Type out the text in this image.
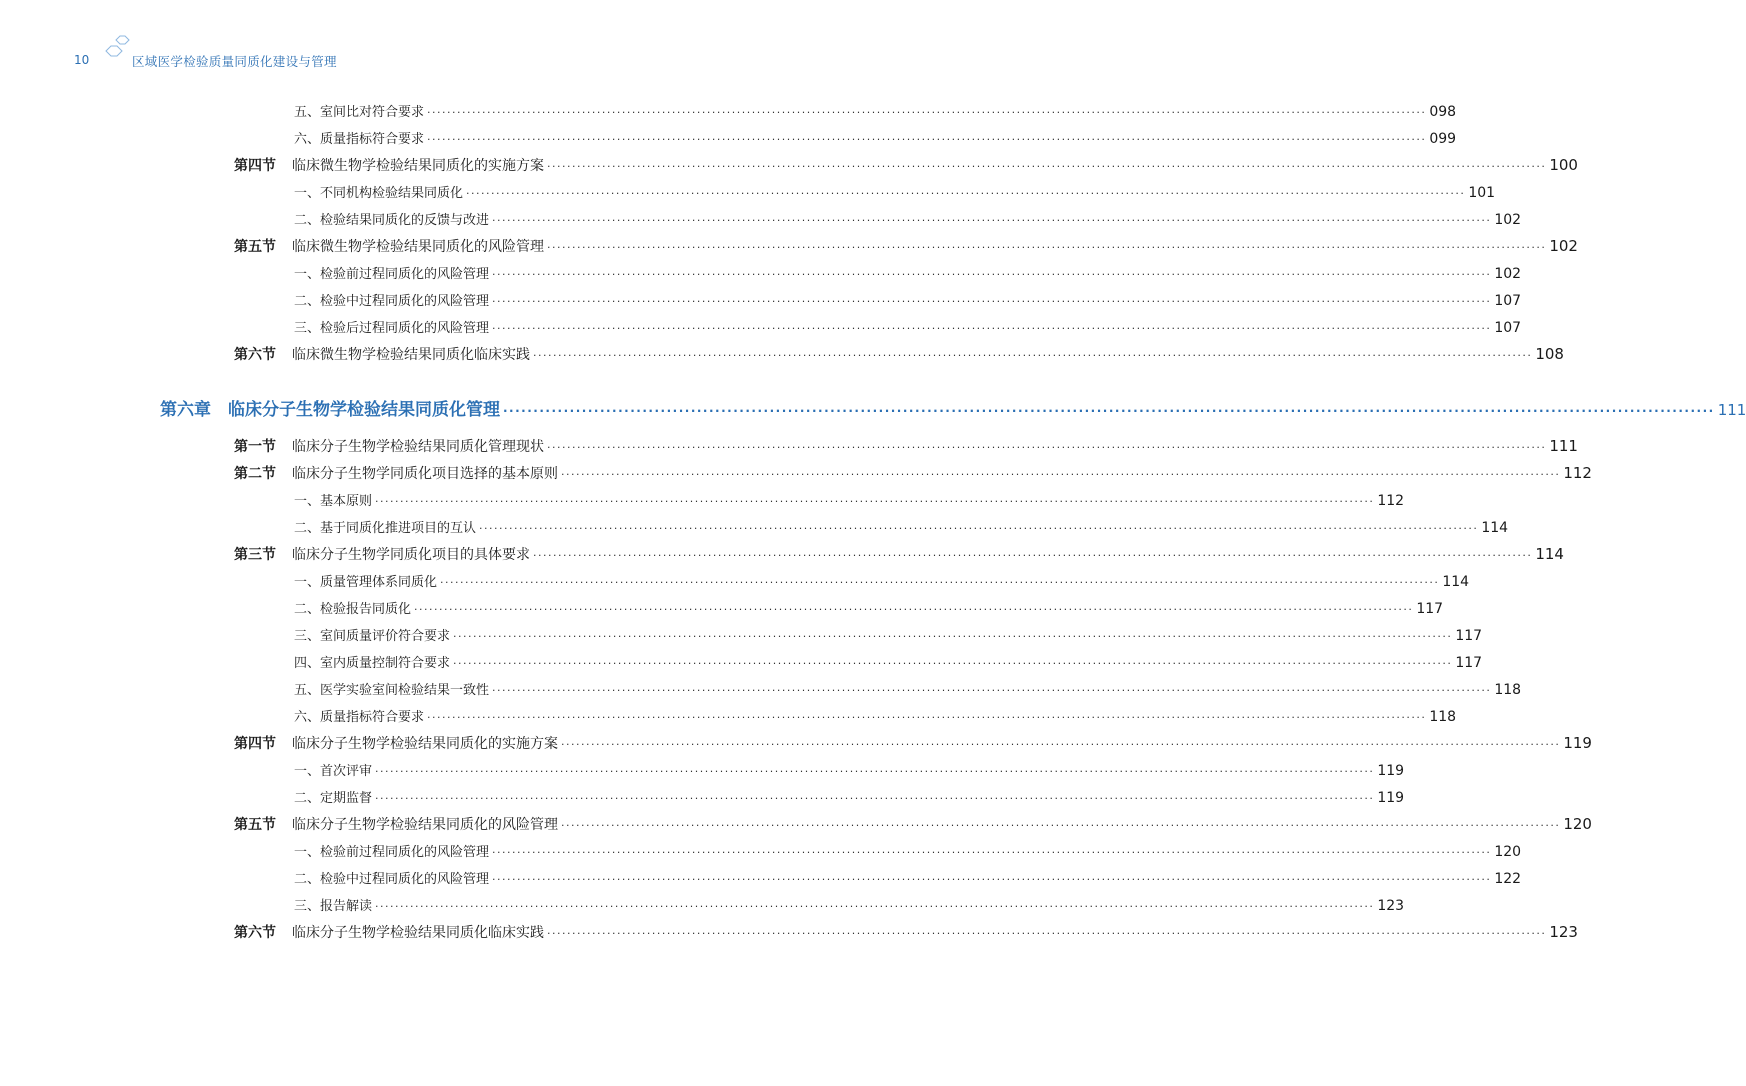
10	区域医学检验质量同质化建设与管理
五、室间比对符合要求 ········································································································································································································ 098
六、质量指标符合要求 ········································································································································································································ 099
第四节	临床微生物学检验结果同质化的实施方案 ········································································································································································································ 100
一、不同机构检验结果同质化 ········································································································································································································ 101
二、检验结果同质化的反馈与改进 ········································································································································································································ 102
第五节	临床微生物学检验结果同质化的风险管理 ········································································································································································································ 102
一、检验前过程同质化的风险管理 ········································································································································································································ 102
二、检验中过程同质化的风险管理 ········································································································································································································ 107
三、检验后过程同质化的风险管理 ········································································································································································································ 107
第六节	临床微生物学检验结果同质化临床实践 ········································································································································································································ 108
第六章	临床分子生物学检验结果同质化管理 ········································································································································································································ 111
第一节	临床分子生物学检验结果同质化管理现状 ········································································································································································································ 111
第二节	临床分子生物学同质化项目选择的基本原则 ········································································································································································································ 112
一、基本原则 ········································································································································································································ 112
二、基于同质化推进项目的互认 ········································································································································································································ 114
第三节	临床分子生物学同质化项目的具体要求 ········································································································································································································ 114
一、质量管理体系同质化 ········································································································································································································ 114
二、检验报告同质化 ········································································································································································································ 117
三、室间质量评价符合要求 ········································································································································································································ 117
四、室内质量控制符合要求 ········································································································································································································ 117
五、医学实验室间检验结果一致性 ········································································································································································································ 118
六、质量指标符合要求 ········································································································································································································ 118
第四节	临床分子生物学检验结果同质化的实施方案 ········································································································································································································ 119
一、首次评审 ········································································································································································································ 119
二、定期监督 ········································································································································································································ 119
第五节	临床分子生物学检验结果同质化的风险管理 ········································································································································································································ 120
一、检验前过程同质化的风险管理 ········································································································································································································ 120
二、检验中过程同质化的风险管理 ········································································································································································································ 122
三、报告解读 ········································································································································································································ 123
第六节	临床分子生物学检验结果同质化临床实践 ········································································································································································································ 123
